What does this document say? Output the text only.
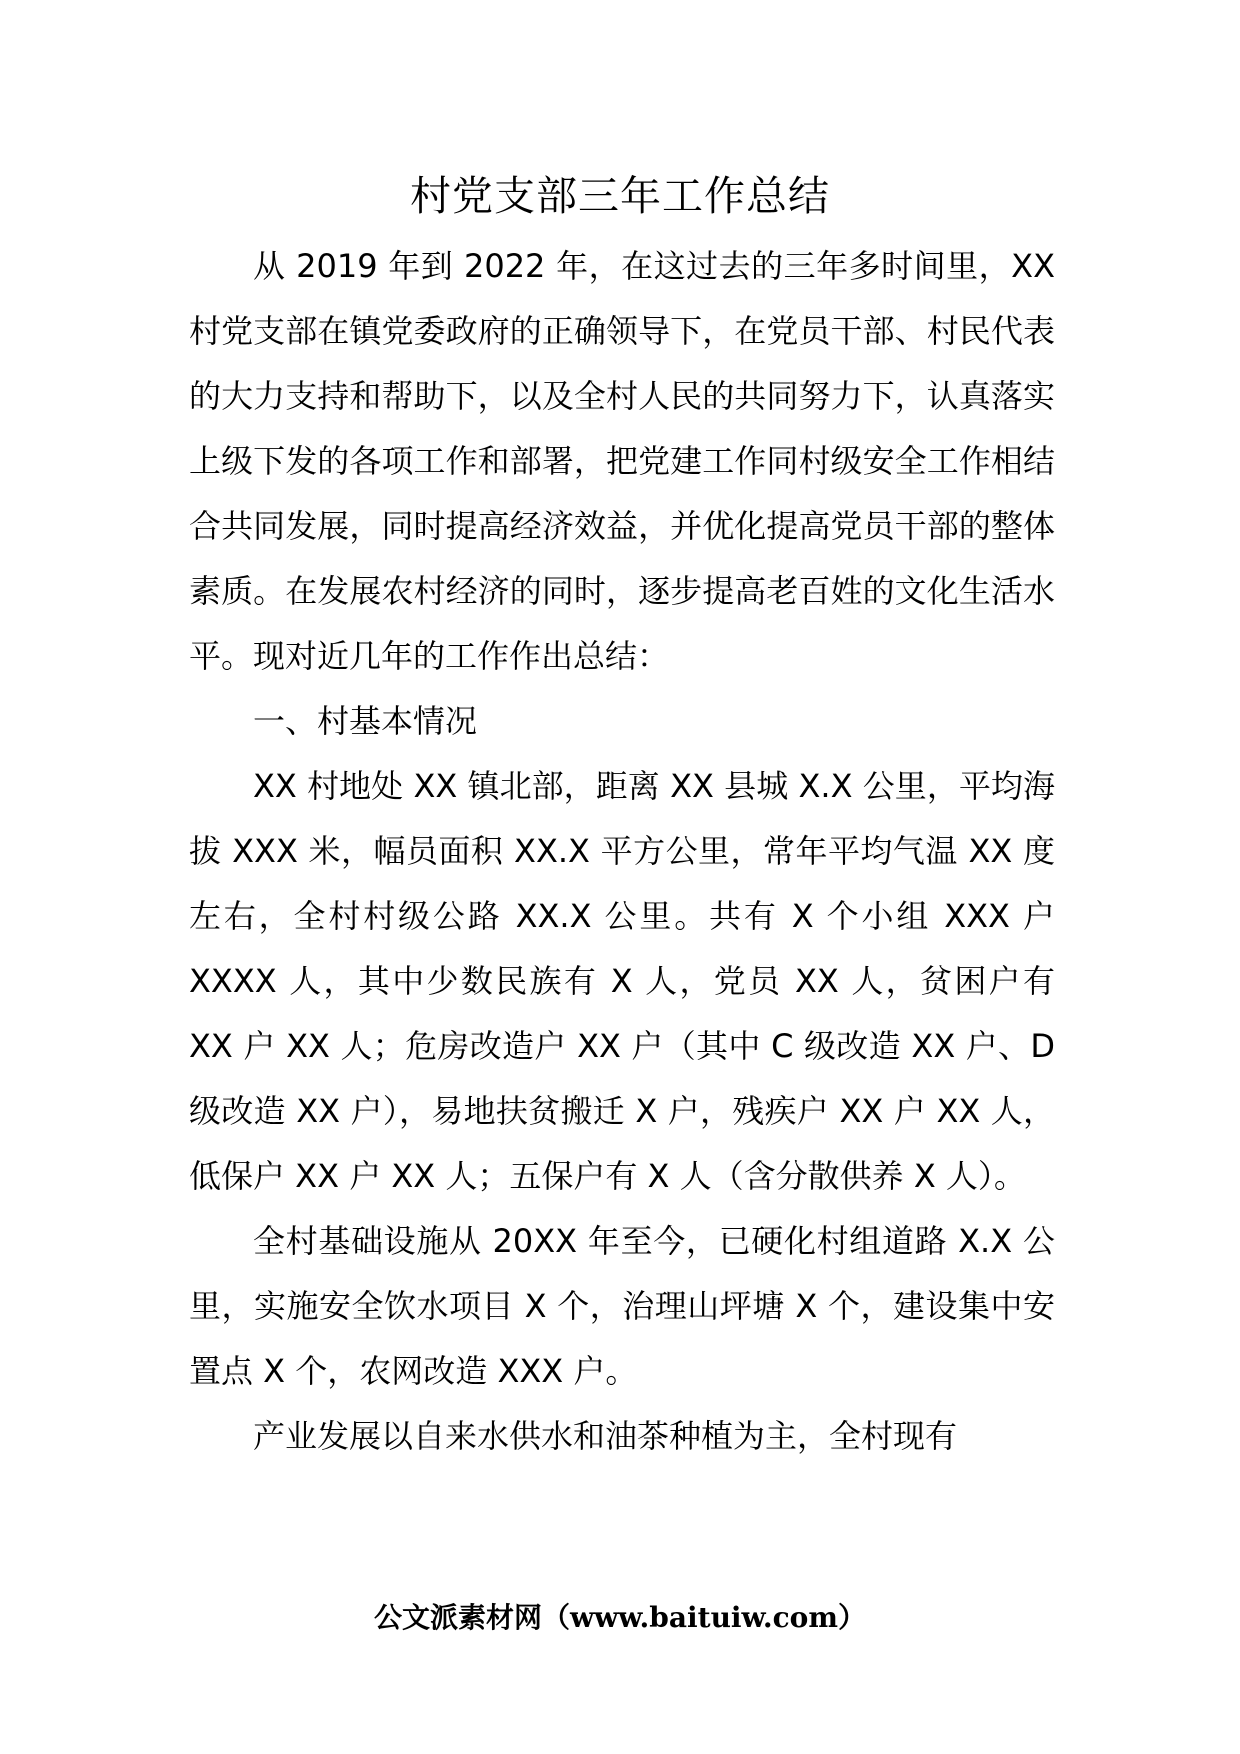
村党支部三年工作总结

从 2019 年到 2022 年，在这过去的三年多时间里，XX 村党支部在镇党委政府的正确领导下，在党员干部、村民代表的大力支持和帮助下，以及全村人民的共同努力下，认真落实上级下发的各项工作和部署，把党建工作同村级安全工作相结合共同发展，同时提高经济效益，并优化提高党员干部的整体素质。在发展农村经济的同时，逐步提高老百姓的文化生活水平。现对近几年的工作作出总结：

一、村基本情况

XX 村地处 XX 镇北部，距离 XX 县城 X.X 公里，平均海拔 XXX 米，幅员面积 XX.X 平方公里，常年平均气温 XX 度左右，全村村级公路 XX.X 公里。共有 X 个小组 XXX 户 XXXX 人，其中少数民族有 X 人，党员 XX 人，贫困户有 XX 户 XX 人；危房改造户 XX 户（其中 C 级改造 XX 户、D 级改造 XX 户），易地扶贫搬迁 X 户，残疾户 XX 户 XX 人，低保户 XX 户 XX 人；五保户有 X 人（含分散供养 X 人）。

全村基础设施从 20XX 年至今，已硬化村组道路 X.X 公里，实施安全饮水项目 X 个，治理山坪塘 X 个，建设集中安置点 X 个，农网改造 XXX 户。

产业发展以自来水供水和油茶种植为主，全村现有

公文派素材网（www.baituiw.com）
